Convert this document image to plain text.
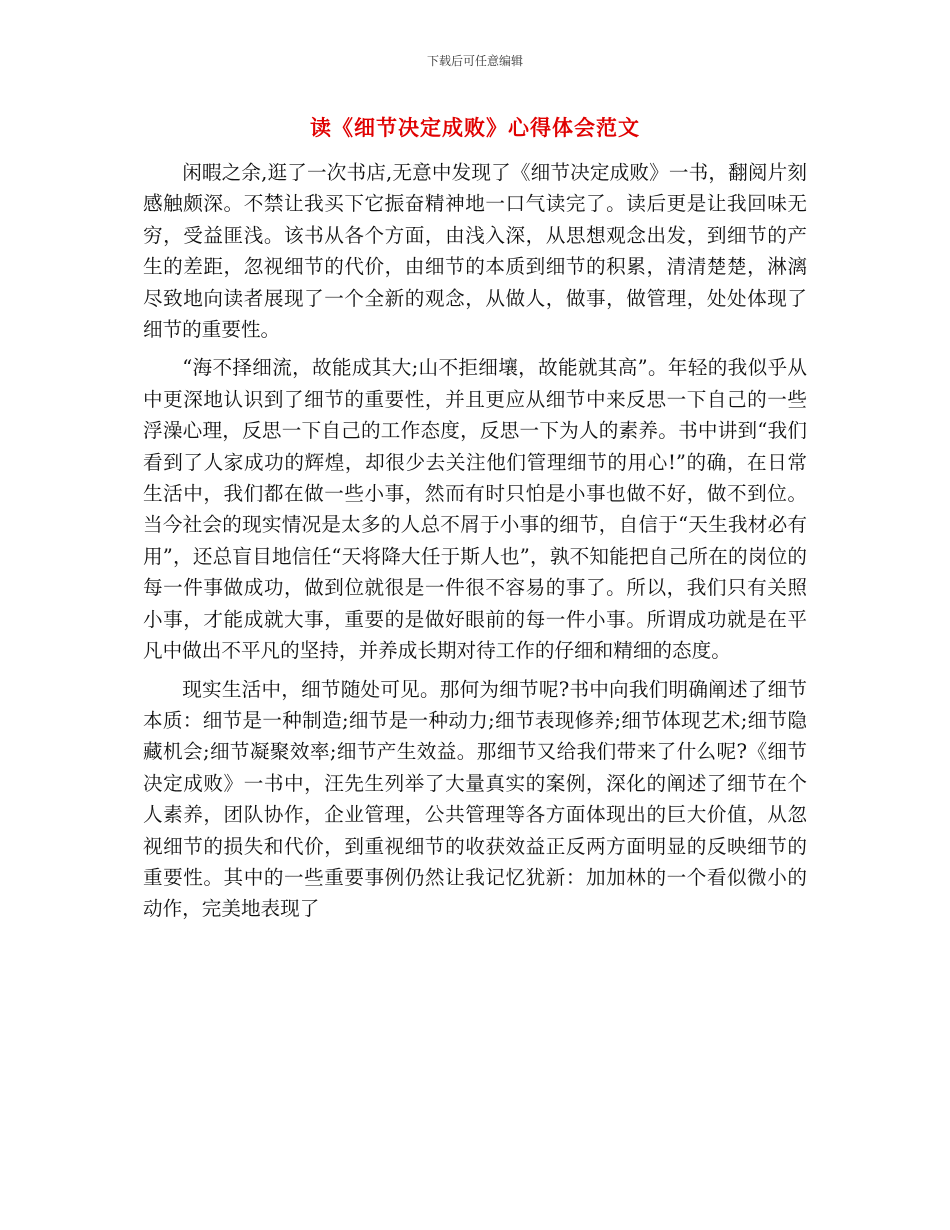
下载后可任意编辑
读《细节决定成败》心得体会范文

闲暇之余,逛了一次书店,无意中发现了《细节决定成败》一书，翻阅片刻感触颇深。不禁让我买下它振奋精神地一口气读完了。读后更是让我回味无穷，受益匪浅。该书从各个方面，由浅入深，从思想观念出发，到细节的产生的差距，忽视细节的代价，由细节的本质到细节的积累，清清楚楚，淋漓尽致地向读者展现了一个全新的观念，从做人，做事，做管理，处处体现了细节的重要性。

“海不择细流，故能成其大;山不拒细壤，故能就其高”。年轻的我似乎从中更深地认识到了细节的重要性，并且更应从细节中来反思一下自己的一些浮澡心理，反思一下自己的工作态度，反思一下为人的素养。书中讲到“我们看到了人家成功的辉煌，却很少去关注他们管理细节的用心!”的确，在日常生活中，我们都在做一些小事，然而有时只怕是小事也做不好，做不到位。当今社会的现实情况是太多的人总不屑于小事的细节，自信于“天生我材必有用”，还总盲目地信任“天将降大任于斯人也”，孰不知能把自己所在的岗位的每一件事做成功，做到位就很是一件很不容易的事了。所以，我们只有关照小事，才能成就大事，重要的是做好眼前的每一件小事。所谓成功就是在平凡中做出不平凡的坚持，并养成长期对待工作的仔细和精细的态度。

现实生活中，细节随处可见。那何为细节呢?书中向我们明确阐述了细节本质：细节是一种制造;细节是一种动力;细节表现修养;细节体现艺术;细节隐藏机会;细节凝聚效率;细节产生效益。那细节又给我们带来了什么呢?《细节决定成败》一书中，汪先生列举了大量真实的案例，深化的阐述了细节在个人素养，团队协作，企业管理，公共管理等各方面体现出的巨大价值，从忽视细节的损失和代价，到重视细节的收获效益正反两方面明显的反映细节的重要性。其中的一些重要事例仍然让我记忆犹新：加加林的一个看似微小的动作，完美地表现了
